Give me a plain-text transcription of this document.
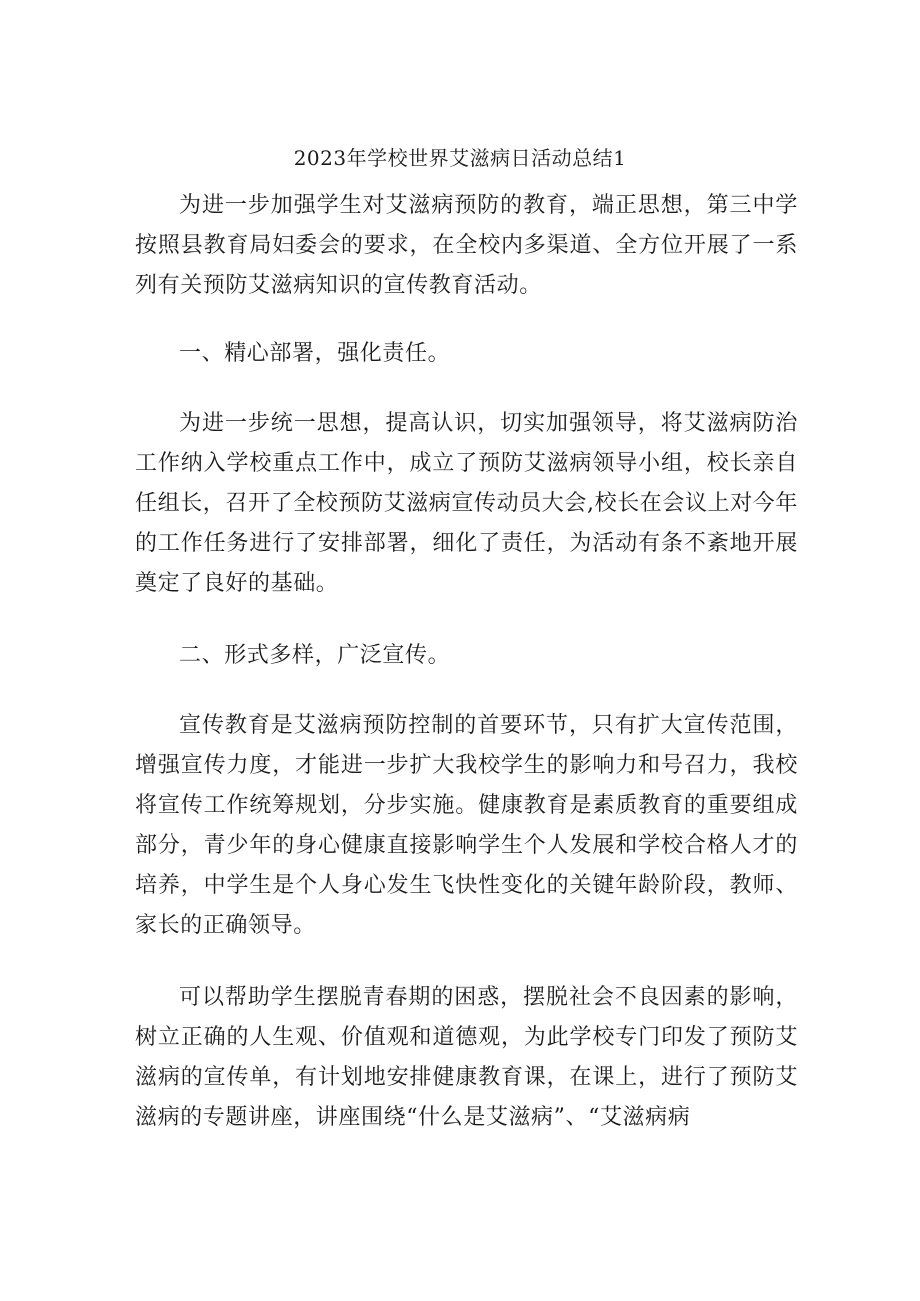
2023年学校世界艾滋病日活动总结1

为进一步加强学生对艾滋病预防的教育，端正思想，第三中学按照县教育局妇委会的要求，在全校内多渠道、全方位开展了一系列有关预防艾滋病知识的宣传教育活动。

一、精心部署，强化责任。

为进一步统一思想，提高认识，切实加强领导，将艾滋病防治工作纳入学校重点工作中，成立了预防艾滋病领导小组，校长亲自任组长，召开了全校预防艾滋病宣传动员大会,校长在会议上对今年的工作任务进行了安排部署，细化了责任，为活动有条不紊地开展奠定了良好的基础。

二、形式多样，广泛宣传。

宣传教育是艾滋病预防控制的首要环节，只有扩大宣传范围，增强宣传力度，才能进一步扩大我校学生的影响力和号召力，我校将宣传工作统筹规划，分步实施。健康教育是素质教育的重要组成部分，青少年的身心健康直接影响学生个人发展和学校合格人才的培养，中学生是个人身心发生飞快性变化的关键年龄阶段，教师、家长的正确领导。

可以帮助学生摆脱青春期的困惑，摆脱社会不良因素的影响，树立正确的人生观、价值观和道德观，为此学校专门印发了预防艾滋病的宣传单，有计划地安排健康教育课，在课上，进行了预防艾滋病的专题讲座，讲座围绕“什么是艾滋病”、“艾滋病病
